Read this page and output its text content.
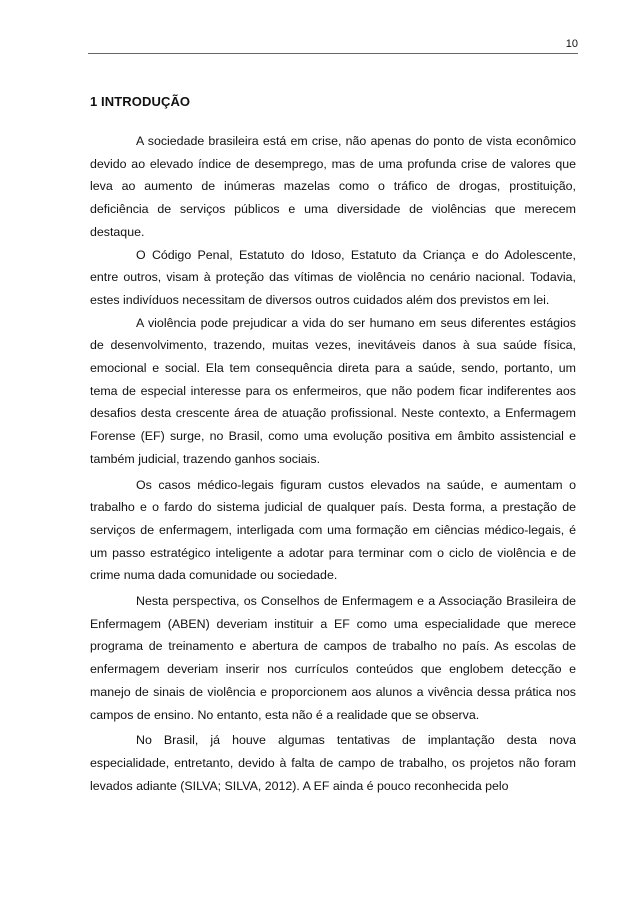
10
1 INTRODUÇÃO

A sociedade brasileira está em crise, não apenas do ponto de vista econômico devido ao elevado índice de desemprego, mas de uma profunda crise de valores que leva ao aumento de inúmeras mazelas como o tráfico de drogas, prostituição, deficiência de serviços públicos e uma diversidade de violências que merecem destaque.

O Código Penal, Estatuto do Idoso, Estatuto da Criança e do Adolescente, entre outros, visam à proteção das vítimas de violência no cenário nacional. Todavia, estes indivíduos necessitam de diversos outros cuidados além dos previstos em lei.

A violência pode prejudicar a vida do ser humano em seus diferentes estágios de desenvolvimento, trazendo, muitas vezes, inevitáveis danos à sua saúde física, emocional e social. Ela tem consequência direta para a saúde, sendo, portanto, um tema de especial interesse para os enfermeiros, que não podem ficar indiferentes aos desafios desta crescente área de atuação profissional. Neste contexto, a Enfermagem Forense (EF) surge, no Brasil, como uma evolução positiva em âmbito assistencial e também judicial, trazendo ganhos sociais.

Os casos médico-legais figuram custos elevados na saúde, e aumentam o trabalho e o fardo do sistema judicial de qualquer país. Desta forma, a prestação de serviços de enfermagem, interligada com uma formação em ciências médico-legais, é um passo estratégico inteligente a adotar para terminar com o ciclo de violência e de crime numa dada comunidade ou sociedade.

Nesta perspectiva, os Conselhos de Enfermagem e a Associação Brasileira de Enfermagem (ABEN) deveriam instituir a EF como uma especialidade que merece programa de treinamento e abertura de campos de trabalho no país. As escolas de enfermagem deveriam inserir nos currículos conteúdos que englobem detecção e manejo de sinais de violência e proporcionem aos alunos a vivência dessa prática nos campos de ensino. No entanto, esta não é a realidade que se observa.

No Brasil, já houve algumas tentativas de implantação desta nova especialidade, entretanto, devido à falta de campo de trabalho, os projetos não foram levados adiante (SILVA; SILVA, 2012). A EF ainda é pouco reconhecida pelo
